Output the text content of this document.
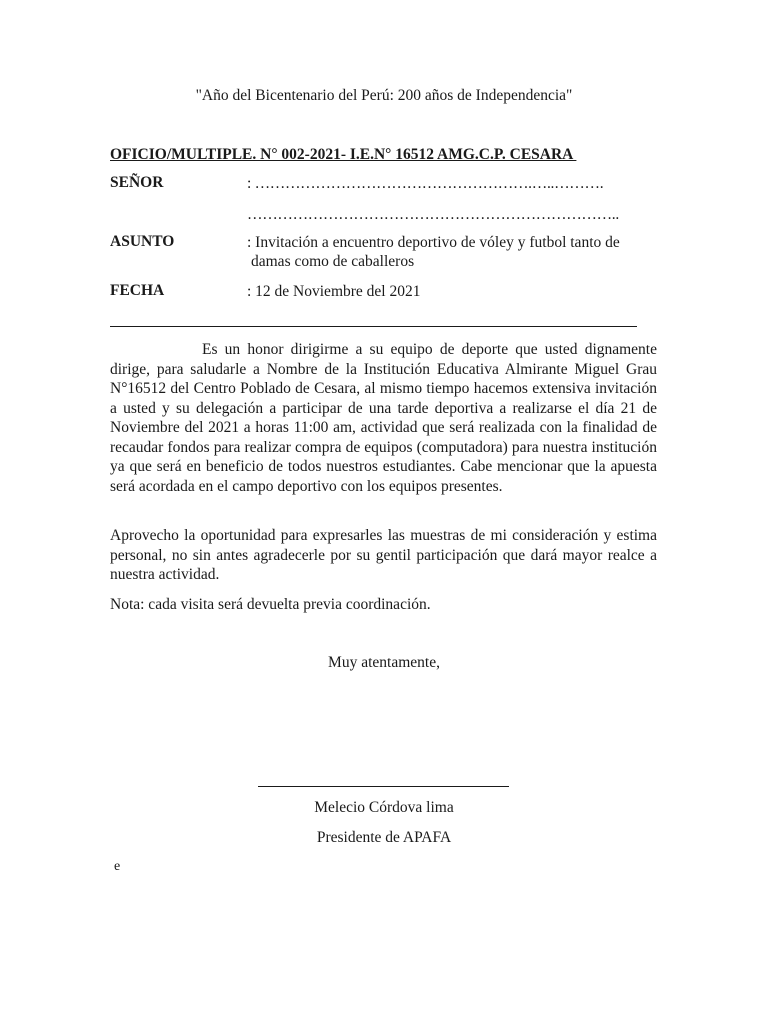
"Año del Bicentenario del Perú: 200 años de Independencia"
OFICIO/MULTIPLE. N° 002-2021- I.E.N° 16512 AMG.C.P. CESARA
SEÑOR	: ……………………………………………….…..……….
………………………………………………………………..
ASUNTO	: Invitación a encuentro deportivo de vóley y futbol tanto de
damas como de caballeros
FECHA	: 12 de Noviembre del 2021
Es un honor dirigirme a su equipo de deporte que usted dignamente dirige, para saludarle a Nombre de la Institución Educativa Almirante Miguel Grau N°16512 del Centro Poblado de Cesara, al mismo tiempo hacemos extensiva invitación a usted y su delegación a participar de una tarde deportiva a realizarse el día 21 de Noviembre del 2021 a horas 11:00 am, actividad que será realizada con la finalidad de recaudar fondos para realizar compra de equipos (computadora) para nuestra institución ya que será en beneficio de todos nuestros estudiantes. Cabe mencionar que la apuesta será acordada en el campo deportivo con los equipos presentes.
Aprovecho la oportunidad para expresarles las muestras de mi consideración y estima personal, no sin antes agradecerle por su gentil participación que dará mayor realce a nuestra actividad.
Nota: cada visita será devuelta previa coordinación.
Muy atentamente,
Melecio Córdova lima
Presidente de APAFA
e
